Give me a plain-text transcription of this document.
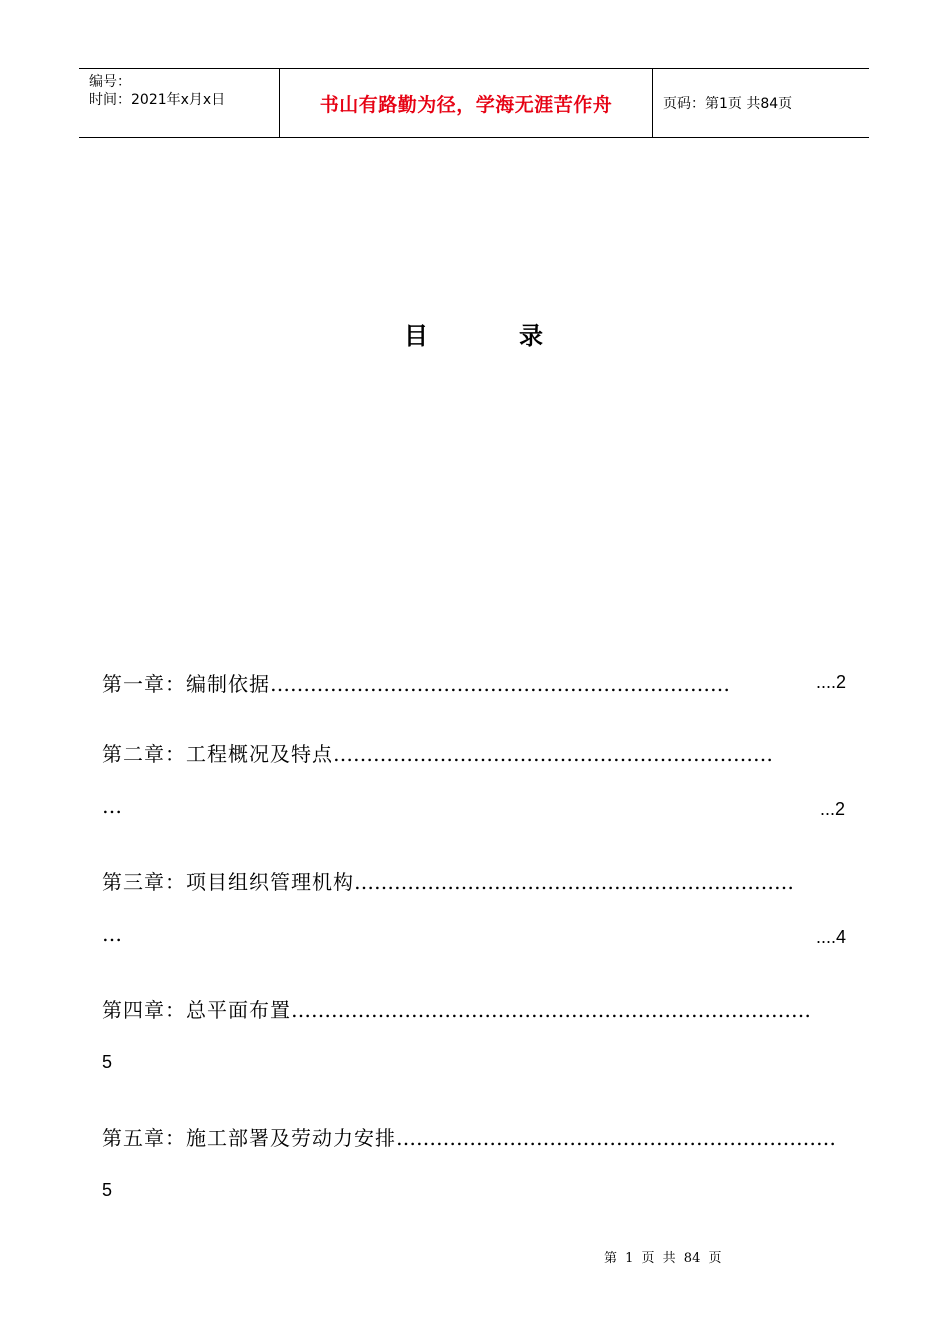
编号：
时间：2021年x月x日	书山有路勤为径，学海无涯苦作舟	页码：第1页 共84页
目	录
第一章：编制依据……………………………………………………………	....2
第二章：工程概况及特点…………………………………………………………
…	...2
第三章：项目组织管理机构…………………………………………………………
…	....4
第四章：总平面布置……………………………………………………………………
5
第五章：施工部署及劳动力安排…………………………………………………………
5
第 1 页 共 84 页
